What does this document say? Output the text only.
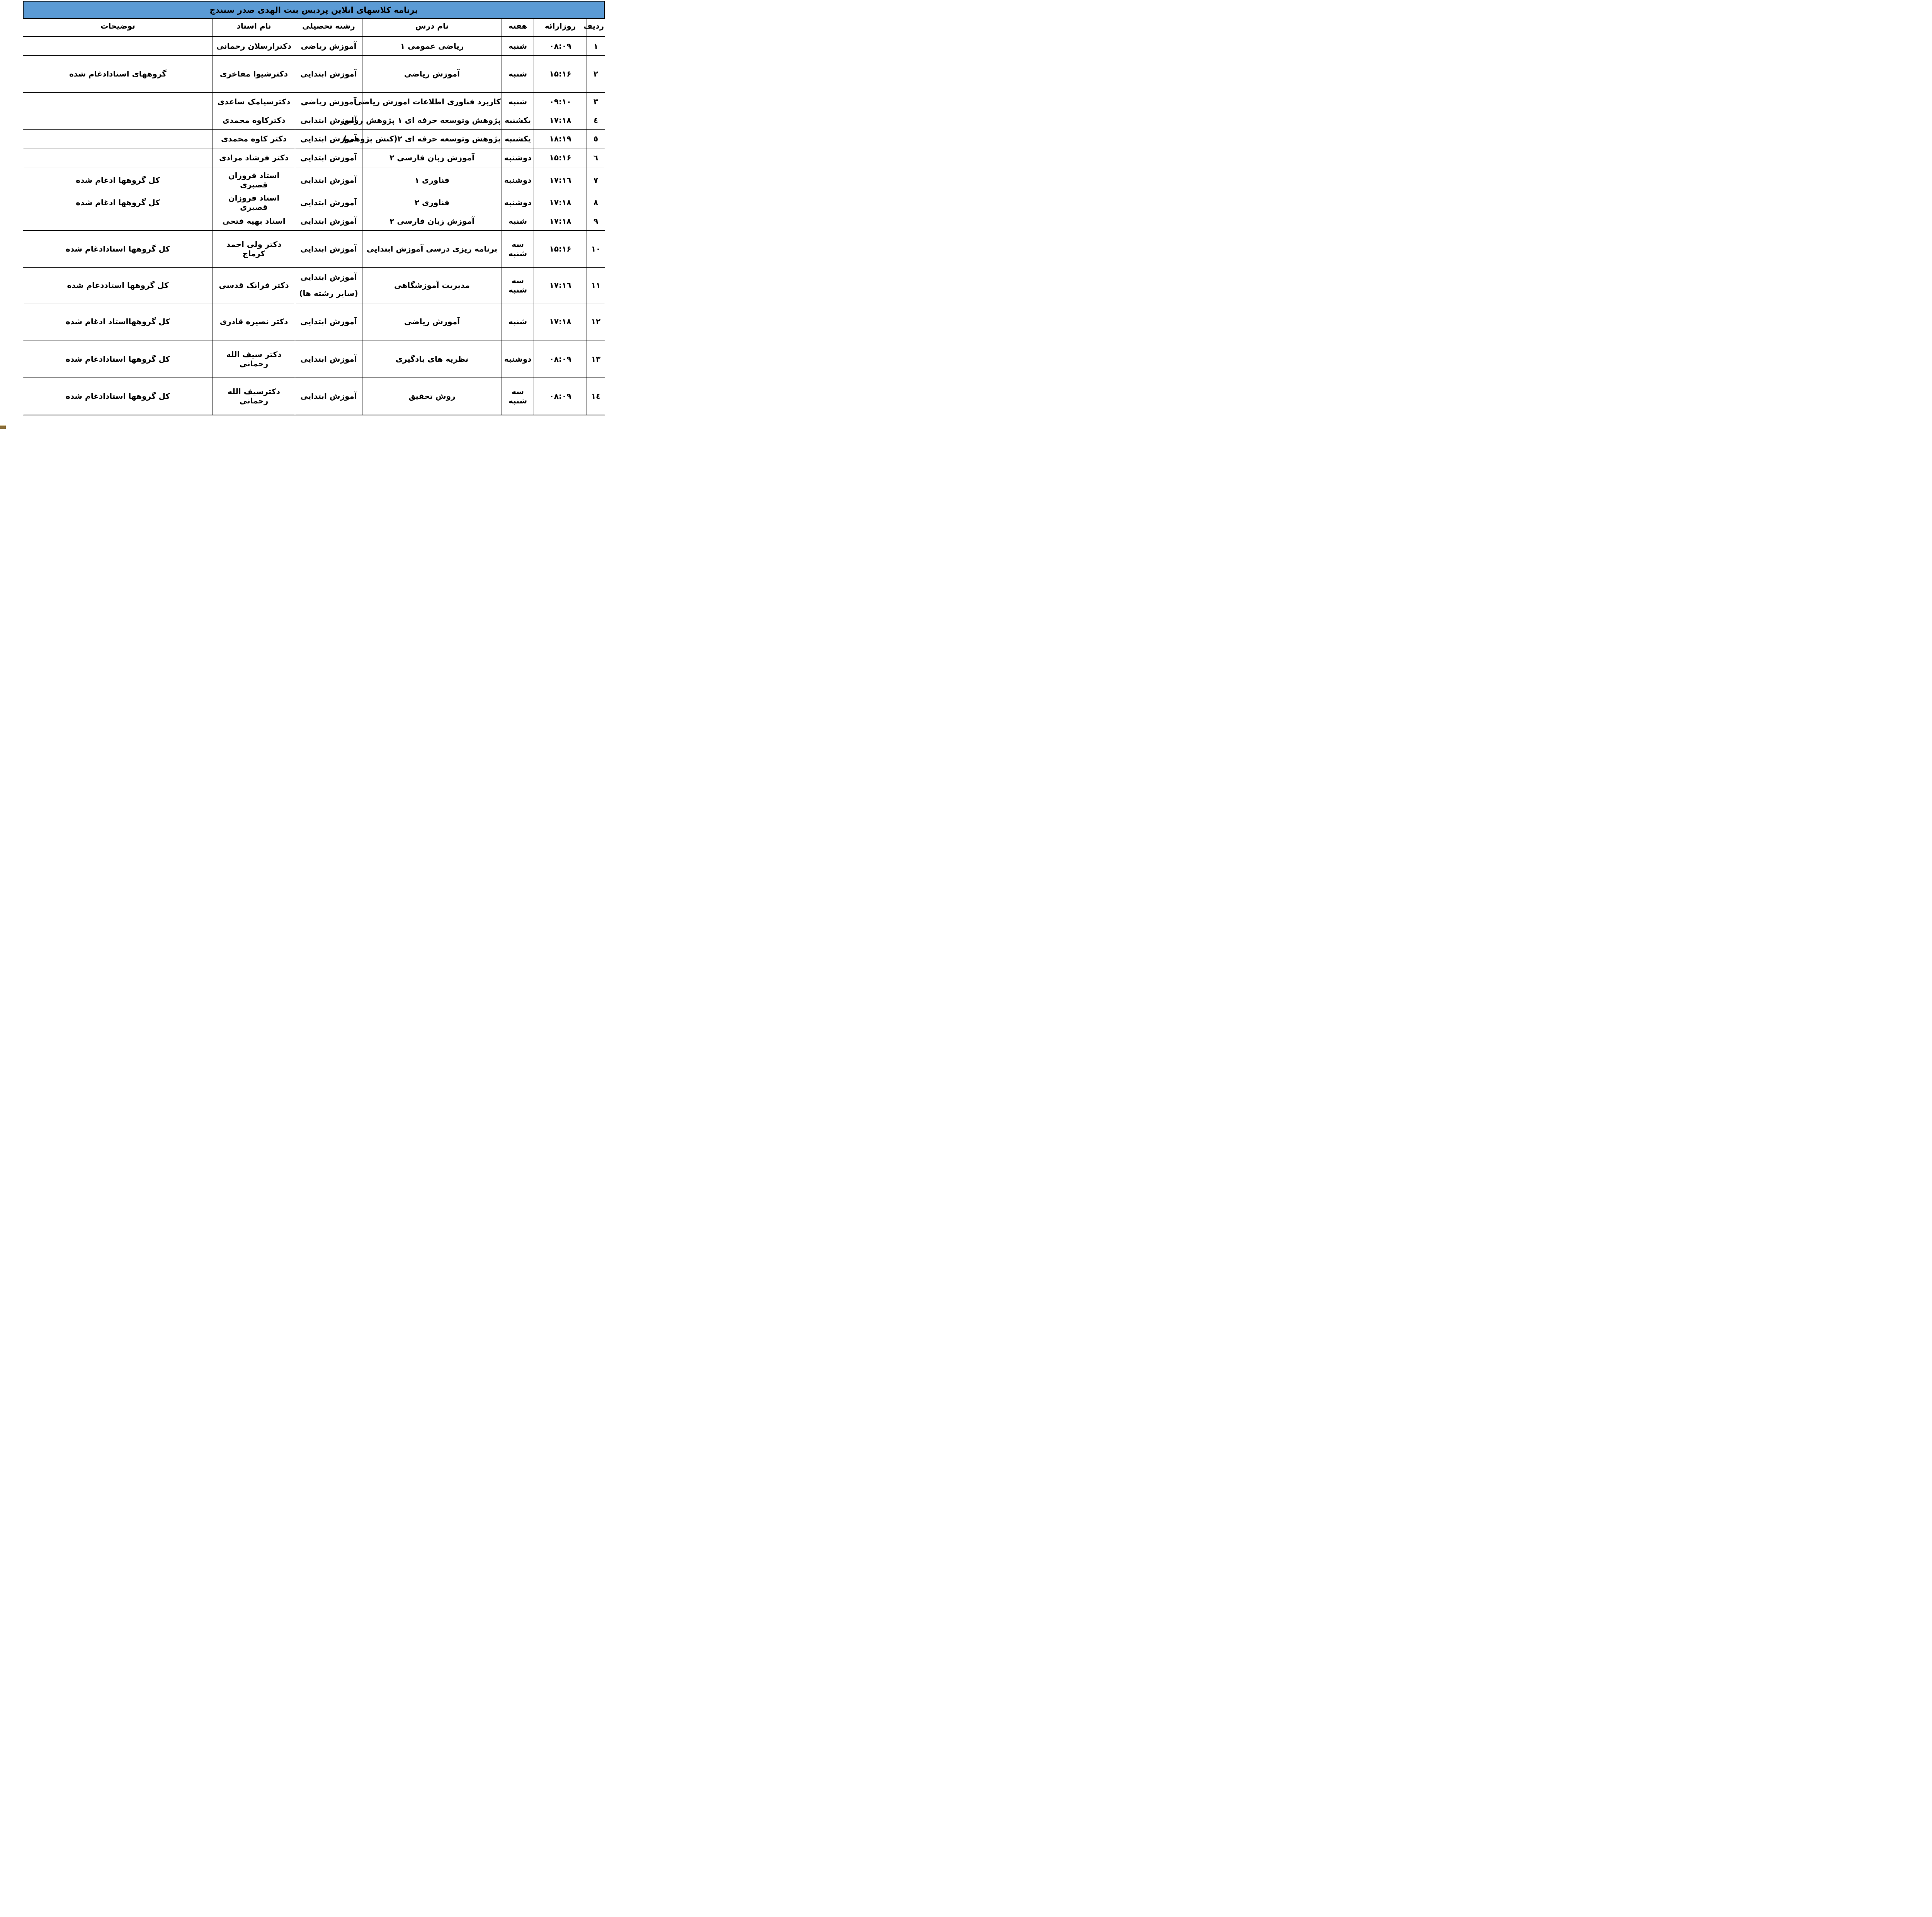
برنامه کلاسهای انلاین پردیس بنت الهدی صدر سنندج
ردیف	روزارائه	هفته	نام درس	رشته تحصیلی	نام استاد	توضیحات
۱	۰۸:۰۹	شنبه	ریاضی عمومی ۱	آموزش ریاضی	دکترارسلان رحمانی	
۲	۱۵:۱۶	شنبه	آموزش ریاضی	آموزش ابتدایی	دکترشیوا مفاخری	گروههای استادادغام شده
۳	۰۹:۱۰	شنبه	کاربرد فناوری اطلاعات اموزش ریاضی	آموزش ریاضی	دکترسیامک ساعدی	
٤	۱۷:۱۸	یکشنبه	پژوهش وتوسعه حرفه ای ۱ پژوهش روایی	آموزش ابتدایی	دکترکاوه محمدی	
٥	۱۸:۱۹	یکشنبه	پژوهش وتوسعه حرفه ای ۲(کنش پژوهی)	آموزش ابتدایی	دکتر کاوه محمدی	
٦	۱۵:۱۶	دوشنبه	آموزش زبان فارسی ۲	آموزش ابتدایی	دکتر فرشاد مرادی	
۷	۱٦:۱۷	دوشنبه	فناوری ۱	آموزش ابتدایی	استاد فروزان قصیری	کل گروهها ادغام شده
۸	۱۷:۱۸	دوشنبه	فناوری ۲	آموزش ابتدایی	استاد فروزان قصیری	کل گروهها ادغام شده
۹	۱۷:۱۸	شنبه	آموزش زبان فارسی ۲	آموزش ابتدایی	استاد بهیه فتحی	
۱۰	۱۵:۱۶	سه شنبه	برنامه ریزی درسی آموزش ابتدایی	آموزش ابتدایی	دکتر ولی احمد کرماج	کل گروهها استادادغام شده
۱۱	۱٦:۱۷	سه شنبه	مدیریت آموزشگاهی	آموزش ابتدایی
(سایر رشته ها)	دکتر فرانک قدسی	کل گروهها استاددغام شده
۱۲	۱۷:۱۸	شنبه	آموزش ریاضی	آموزش ابتدایی	دکتر نصیره قادری	کل گروههااستاد ادغام شده
۱۳	۰۸:۰۹	دوشنبه	نظریه های یادگیری	آموزش ابتدایی	دکتر سیف الله رحمانی	کل گروهها استادادغام شده
۱٤	۰۸:۰۹	سه شنبه	روش تحقیق	آموزش ابتدایی	دکترسیف الله رحمانی	کل گروهها استادادغام شده
